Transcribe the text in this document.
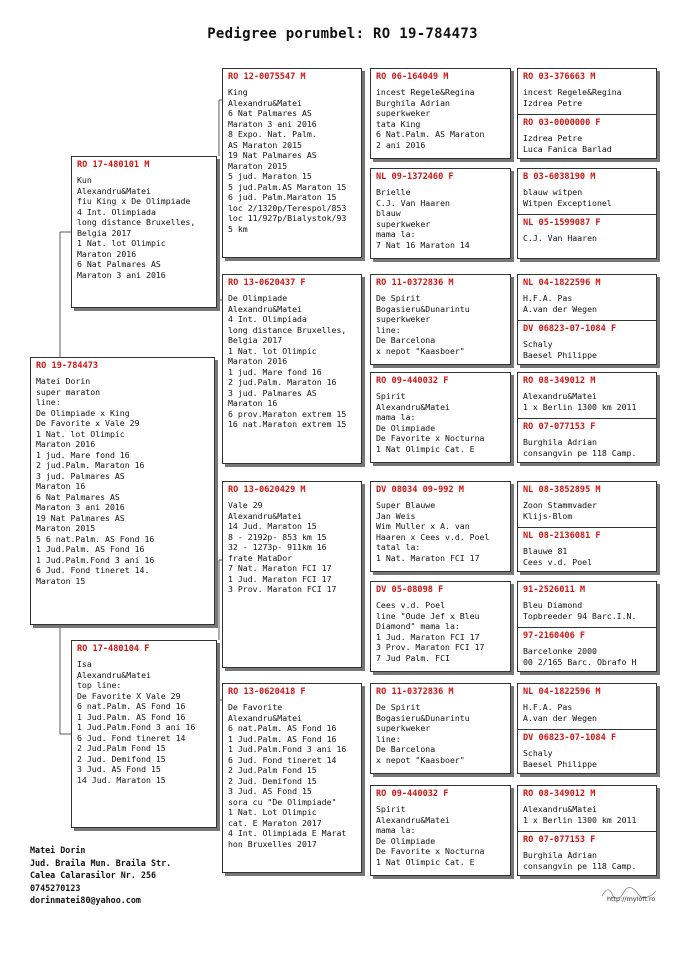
Pedigree porumbel: RO 19-784473
RO 19-784473
Matei Dorin
super maraton
line:
De Olimpiade x King
De Favorite x Vale 29
1 Nat. lot Olimpic
Maraton 2016
1 jud. Mare fond 16
2 jud.Palm. Maraton 16
3 jud. Palmares AS
Maraton 16
6 Nat Palmares AS
Maraton 3 ani 2016
19 Nat Palmares AS
Maraton 2015
5 6 nat.Palm. AS Fond 16
1 Jud.Palm. AS Fond 16
1 Jud.Palm.Fond 3 ani 16
6 Jud. Fond tineret 14.
Maraton 15
RO 17-480101 M
Kun
Alexandru&Matei
fiu King x De Olimpiade
4 Int. Olimpiada
long distance Bruxelles,
Belgia 2017
1 Nat. lot Olimpic
Maraton 2016
6 Nat Palmares AS
Maraton 3 ani 2016
RO 17-480104 F
Isa
Alexandru&Matei
top line:
De Favorite X Vale 29
6 nat.Palm. AS Fond 16
1 Jud.Palm. AS Fond 16
1 Jud.Palm.Fond 3 ani 16
6 Jud. Fond tineret 14
2 Jud.Palm Fond 15
2 Jud. Demifond 15
3 Jud. AS Fond 15
14 Jud. Maraton 15
RO 12-0075547 M
King
Alexandru&Matei
6 Nat Palmares AS
Maraton 3 ani 2016
8 Expo. Nat. Palm.
AS Maraton 2015
19 Nat Palmares AS
Maraton 2015
5 jud. Maraton 15
5 jud.Palm.AS Maraton 15
6 jud. Palm.Maraton 15
loc 2/1320p/Terespol/853
loc 11/927p/Bialystok/93
5 km
RO 13-0620437 F
De Olimpiade
Alexandru&Matei
4 Int. Olimpiada
long distance Bruxelles,
Belgia 2017
1 Nat. lot Olimpic
Maraton 2016
1 jud. Mare fond 16
2 jud.Palm. Maraton 16
3 jud. Palmares AS
Maraton 16
6 prov.Maraton extrem 15
16 nat.Maraton extrem 15
RO 13-0620429 M
Vale 29
Alexandru&Matei
14 Jud. Maraton 15
8 - 2192p- 853 km 15
32 - 1273p- 911km 16
frate MataDor
7 Nat. Maraton FCI 17
1 Jud. Maraton FCI 17
3 Prov. Maraton FCI 17
RO 13-0620418 F
De Favorite
Alexandru&Matei
6 nat.Palm. AS Fond 16
1 Jud.Palm. AS Fond 16
1 Jud.Palm.Fond 3 ani 16
6 Jud. Fond tineret 14
2 Jud.Palm Fond 15
2 Jud. Demifond 15
3 Jud. AS Fond 15
sora cu "De Olimpiade"
1 Nat. Lot Olimpic
cat. E Maraton 2017
4 Int. Olimpiada E Marat
hon Bruxelles 2017
RO 06-164049 M
incest Regele&Regina
Burghila Adrian
superkweker
tata King
6 Nat.Palm. AS Maraton
2 ani 2016
NL 09-1372460 F
Brielle
C.J. Van Haaren
blauw
superkweker
mama la:
7 Nat 16 Maraton 14
RO 11-0372836 M
De Spirit
Bogasieru&Dunarintu
superkweker
line:
De Barcelona
x nepot "Kaasboer"
RO 09-440032 F
Spirit
Alexandru&Matei
mama la:
De Olimpiade
De Favorite x Nocturna
1 Nat Olimpic Cat. E
DV 08034 09-992 M
Super Blauwe
Jan Weis
Wim Muller x A. van
Haaren x Cees v.d. Poel
tatal la:
1 Nat. Maraton FCI 17
DV 05-08098 F
Cees v.d. Poel
line "Oude Jef x Bleu
Diamond" mama la:
1 Jud. Maraton FCI 17
3 Prov. Maraton FCI 17
7 Jud Palm. FCI
RO 11-0372836 M
De Spirit
Bogasieru&Dunarintu
superkweker
line:
De Barcelona
x nepot "Kaasboer"
RO 09-440032 F
Spirit
Alexandru&Matei
mama la:
De Olimpiade
De Favorite x Nocturna
1 Nat Olimpic Cat. E
RO 03-376663 M
incest Regele&Regina
Izdrea Petre
RO 03-0000000 F
Izdrea Petre
Luca Fanica Barlad
B 03-6038190 M
blauw witpen
Witpen Exceptionel
NL 05-1599087 F
C.J. Van Haaren
NL 04-1822596 M
H.F.A. Pas
A.van der Wegen
DV 06823-07-1084 F
Schaly
Baesel Philippe
RO 08-349012 M
Alexandru&Matei
1 x Berlin 1300 km 2011
RO 07-077153 F
Burghila Adrian
consangvin pe 118 Camp.
NL 08-3852895 M
Zoon Stammvader
Klijs-Blom
NL 08-2136081 F
Blauwe 81
Cees v.d. Poel
91-2526011 M
Bleu Diamond
Topbreeder 94 Barc.I.N.
97-2160406 F
Barcelonke 2000
00 2/165 Barc. Obrafo H
NL 04-1822596 M
H.F.A. Pas
A.van der Wegen
DV 06823-07-1084 F
Schaly
Baesel Philippe
RO 08-349012 M
Alexandru&Matei
1 x Berlin 1300 km 2011
RO 07-077153 F
Burghila Adrian
consangvin pe 118 Camp.
Matei Dorin
Jud. Braila Mun. Braila Str.
Calea Calarasilor Nr. 256
0745270123
dorinmatei80@yahoo.com	http://myloft.ro
